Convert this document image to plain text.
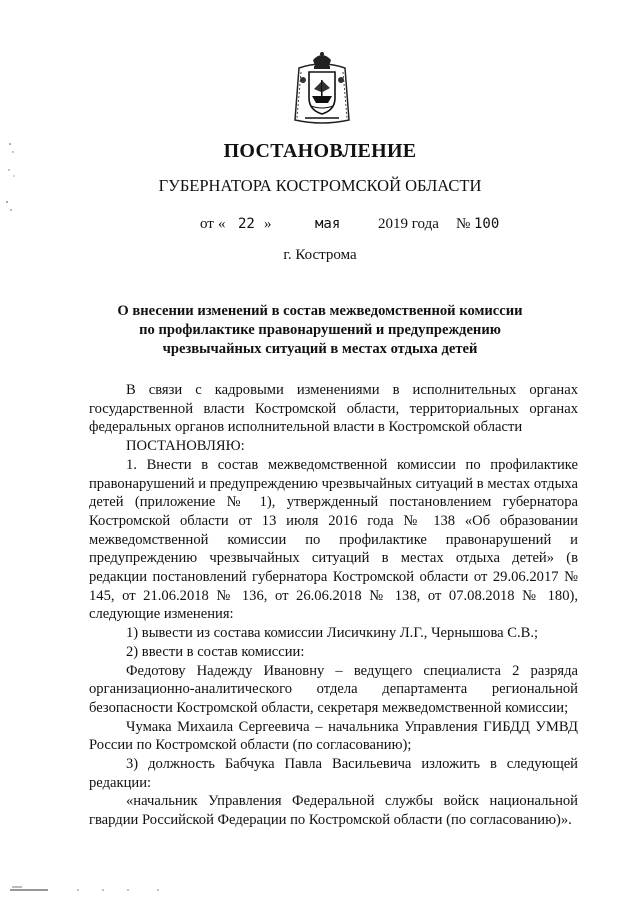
ПОСТАНОВЛЕНИЕ
ГУБЕРНАТОРА КОСТРОМСКОЙ ОБЛАСТИ
от « 22 »	мая	2019 года № 100
г. Кострома
О внесении изменений в состав межведомственной комиссии
по профилактике правонарушений и предупреждению
чрезвычайных ситуаций в местах отдыха детей
В связи с кадровыми изменениями в исполнительных органах государственной власти Костромской области, территориальных органах федеральных органов исполнительной власти в Костромской области
ПОСТАНОВЛЯЮ:
1. Внести в состав межведомственной комиссии по профилактике правонарушений и предупреждению чрезвычайных ситуаций в местах отдыха детей (приложение № 1), утвержденный постановлением губернатора Костромской области от 13 июля 2016 года № 138 «Об образовании межведомственной комиссии по профилактике правонарушений и предупреждению чрезвычайных ситуаций в местах отдыха детей» (в редакции постановлений губернатора Костромской области от 29.06.2017 № 145, от 21.06.2018 № 136, от 26.06.2018 № 138, от 07.08.2018 № 180), следующие изменения:
1) вывести из состава комиссии Лисичкину Л.Г., Чернышова С.В.;
2) ввести в состав комиссии:
Федотову Надежду Ивановну – ведущего специалиста 2 разряда организационно-аналитического отдела департамента региональной безопасности Костромской области, секретаря межведомственной комиссии;
Чумака Михаила Сергеевича – начальника Управления ГИБДД УМВД России по Костромской области (по согласованию);
3) должность Бабчука Павла Васильевича изложить в следующей редакции:
«начальник Управления Федеральной службы войск национальной гвардии Российской Федерации по Костромской области (по согласованию)».
